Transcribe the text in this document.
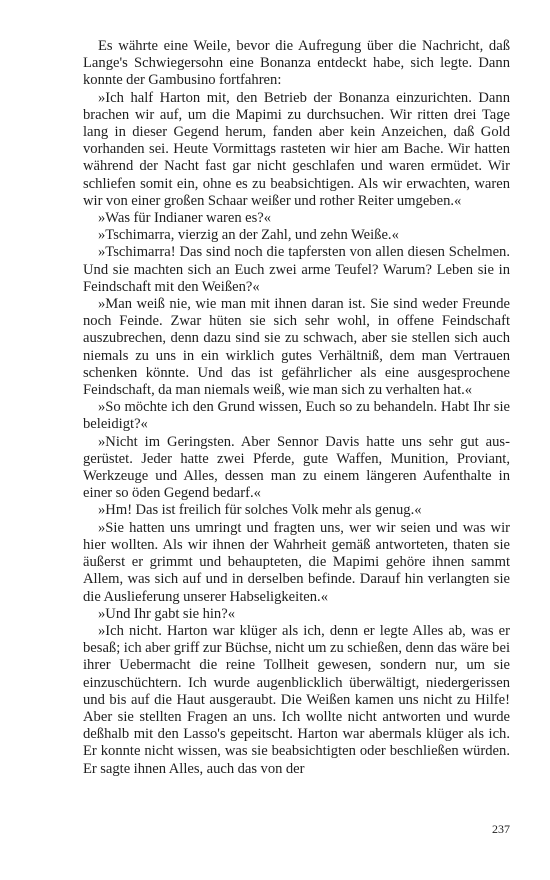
Es währte eine Weile, bevor die Aufregung über die Nachricht, daß Lange's Schwiegersohn eine Bonanza entdeckt habe, sich legte. Dann konnte der Gambusino fortfahren:

»Ich half Harton mit, den Betrieb der Bonanza einzurichten. Dann brachen wir auf, um die Mapimi zu durchsuchen. Wir ritten drei Tage lang in dieser Gegend herum, fanden aber kein Anzeichen, daß Gold vorhanden sei. Heute Vormittags rasteten wir hier am Bache. Wir hatten während der Nacht fast gar nicht geschlafen und waren ermüdet. Wir schliefen somit ein, ohne es zu beabsichtigen. Als wir erwachten, waren wir von einer großen Schaar weißer und rother Reiter umgeben.«

»Was für Indianer waren es?«

»Tschimarra, vierzig an der Zahl, und zehn Weiße.«

»Tschimarra! Das sind noch die tapfersten von allen diesen Schelmen. Und sie machten sich an Euch zwei arme Teufel? Warum? Leben sie in Feindschaft mit den Weißen?«

»Man weiß nie, wie man mit ihnen daran ist. Sie sind weder Freunde noch Feinde. Zwar hüten sie sich sehr wohl, in offene Feindschaft auszubrechen, denn dazu sind sie zu schwach, aber sie stellen sich auch niemals zu uns in ein wirklich gutes Verhältniß, dem man Vertrauen schenken könnte. Und das ist gefährlicher als eine ausgesprochene Feindschaft, da man niemals weiß, wie man sich zu verhalten hat.«

»So möchte ich den Grund wissen, Euch so zu behandeln. Habt Ihr sie beleidigt?«

»Nicht im Geringsten. Aber Sennor Davis hatte uns sehr gut ausgerüstet. Jeder hatte zwei Pferde, gute Waffen, Munition, Proviant, Werkzeuge und Alles, dessen man zu einem längeren Aufenthalte in einer so öden Gegend bedarf.«

»Hm! Das ist freilich für solches Volk mehr als genug.«

»Sie hatten uns umringt und fragten uns, wer wir seien und was wir hier wollten. Als wir ihnen der Wahrheit gemäß antworteten, thaten sie äußerst er grimmt und behaupteten, die Mapimi gehöre ihnen sammt Allem, was sich auf und in derselben befinde. Darauf hin verlangten sie die Auslieferung unserer Habseligkeiten.«

»Und Ihr gabt sie hin?«

»Ich nicht. Harton war klüger als ich, denn er legte Alles ab, was er besaß; ich aber griff zur Büchse, nicht um zu schießen, denn das wäre bei ihrer Uebermacht die reine Tollheit gewesen, sondern nur, um sie einzuschüchtern. Ich wurde augenblicklich überwältigt, niedergerissen und bis auf die Haut ausgeraubt. Die Weißen kamen uns nicht zu Hilfe! Aber sie stellten Fragen an uns. Ich wollte nicht antworten und wurde deßhalb mit den Lasso's gepeitscht. Harton war abermals klüger als ich. Er konnte nicht wissen, was sie beabsichtigten oder beschließen würden. Er sagte ihnen Alles, auch das von der

237
